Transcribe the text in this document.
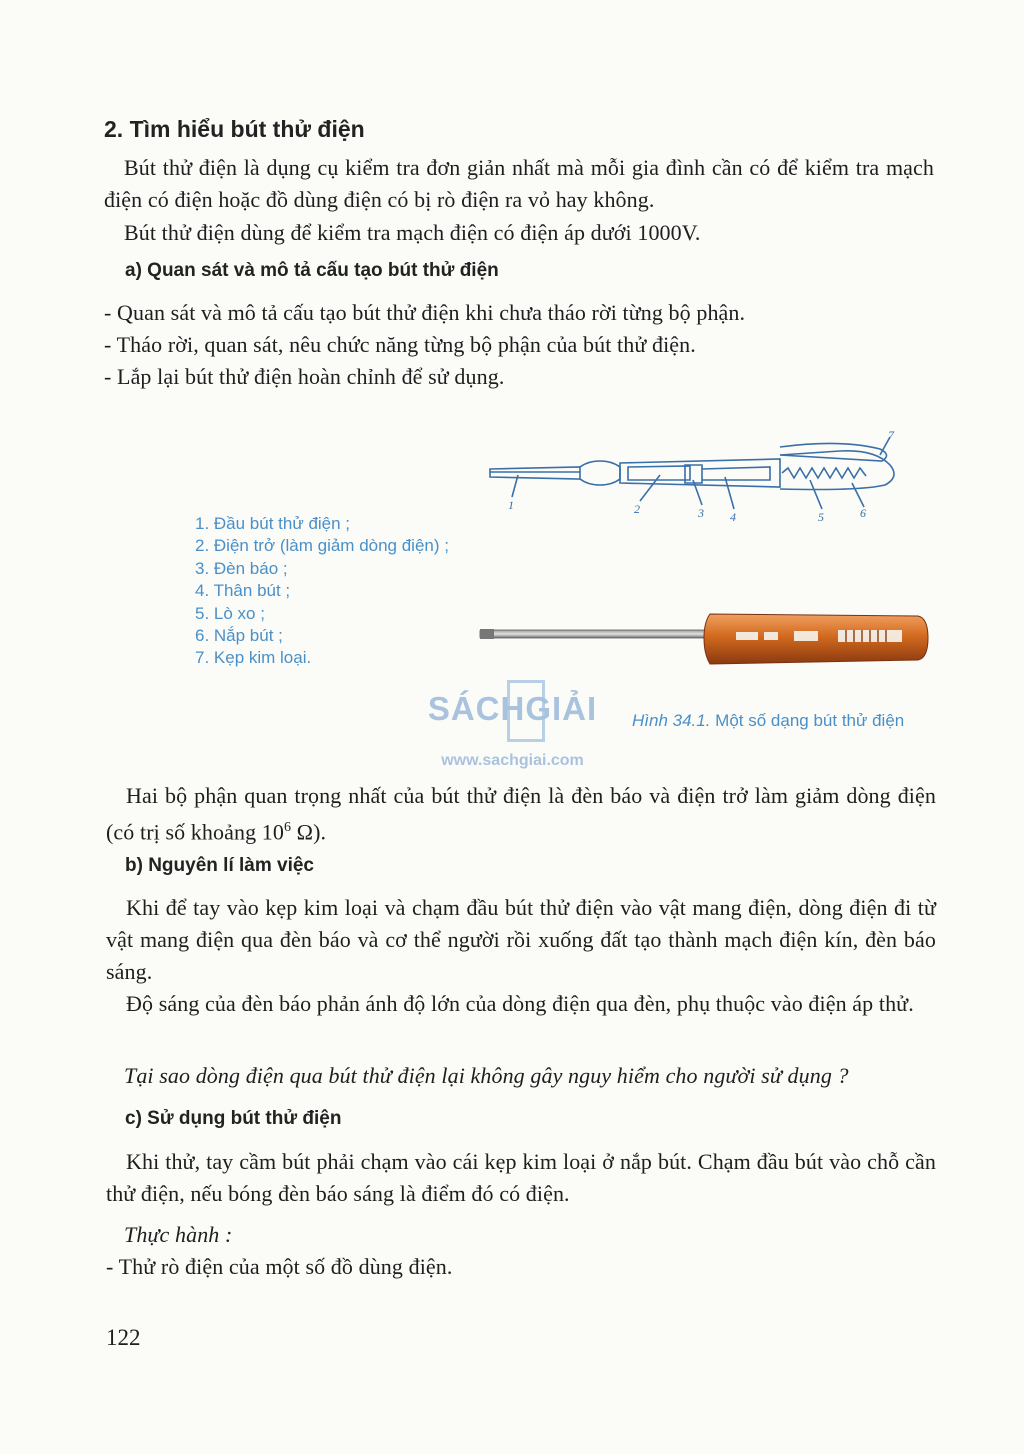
2. Tìm hiểu bút thử điện
Bút thử điện là dụng cụ kiểm tra đơn giản nhất mà mỗi gia đình cần có để kiểm tra mạch điện có điện hoặc đồ dùng điện có bị rò điện ra vỏ hay không.
Bút thử điện dùng để kiểm tra mạch điện có điện áp dưới 1000V.
a) Quan sát và mô tả cấu tạo bút thử điện
- Quan sát và mô tả cấu tạo bút thử điện khi chưa tháo rời từng bộ phận.
- Tháo rời, quan sát, nêu chức năng từng bộ phận của bút thử điện.
- Lắp lại bút thử điện hoàn chỉnh để sử dụng.
1	2	3 4	5	6
7
1. Đầu bút thử điện ;
2. Điện trở (làm giảm dòng điện) ;
3. Đèn báo ;
4. Thân bút ;
5. Lò xo ;
6. Nắp bút ;
7. Kẹp kim loại.
SÁCHGIẢI
www.sachgiai.com
Hình 34.1. Một số dạng bút thử điện
Hai bộ phận quan trọng nhất của bút thử điện là đèn báo và điện trở làm giảm dòng điện (có trị số khoảng $10^6$ Ω).
b) Nguyên lí làm việc
Khi để tay vào kẹp kim loại và chạm đầu bút thử điện vào vật mang điện, dòng điện đi từ vật mang điện qua đèn báo và cơ thể người rồi xuống đất tạo thành mạch điện kín, đèn báo sáng.
Độ sáng của đèn báo phản ánh độ lớn của dòng điện qua đèn, phụ thuộc vào điện áp thử.
Tại sao dòng điện qua bút thử điện lại không gây nguy hiểm cho người sử dụng ?
c) Sử dụng bút thử điện
Khi thử, tay cầm bút phải chạm vào cái kẹp kim loại ở nắp bút. Chạm đầu bút vào chỗ cần thử điện, nếu bóng đèn báo sáng là điểm đó có điện.
Thực hành :
- Thử rò điện của một số đồ dùng điện.
122
